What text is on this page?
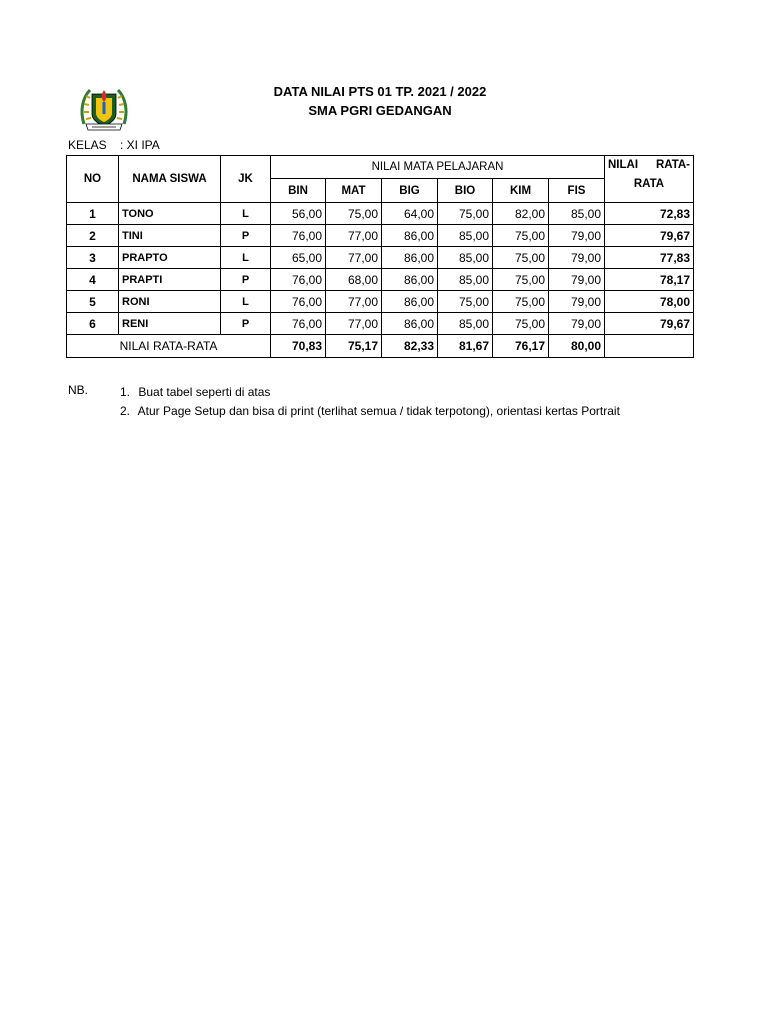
DATA NILAI PTS 01 TP. 2021 / 2022
SMA PGRI GEDANGAN
KELAS : XI IPA
NO	NAMA SISWA	JK	NILAI MATA PELAJARAN						NILAI RATA-
RATA

			BIN	MAT	BIG	BIO	KIM	FIS	
1	TONO	L	56,00	75,00	64,00	75,00	82,00	85,00	72,83
2	TINI	P	76,00	77,00	86,00	85,00	75,00	79,00	79,67
3	PRAPTO	L	65,00	77,00	86,00	85,00	75,00	79,00	77,83
4	PRAPTI	P	76,00	68,00	86,00	85,00	75,00	79,00	78,17
5	RONI	L	76,00	77,00	86,00	75,00	75,00	79,00	78,00
6	RENI	P	76,00	77,00	86,00	85,00	75,00	79,00	79,67
NILAI RATA-RATA			70,83	75,17	82,33	81,67	76,17	80,00	
NB.	1. Buat tabel seperti di atas
2. Atur Page Setup dan bisa di print (terlihat semua / tidak terpotong), orientasi kertas Portrait
